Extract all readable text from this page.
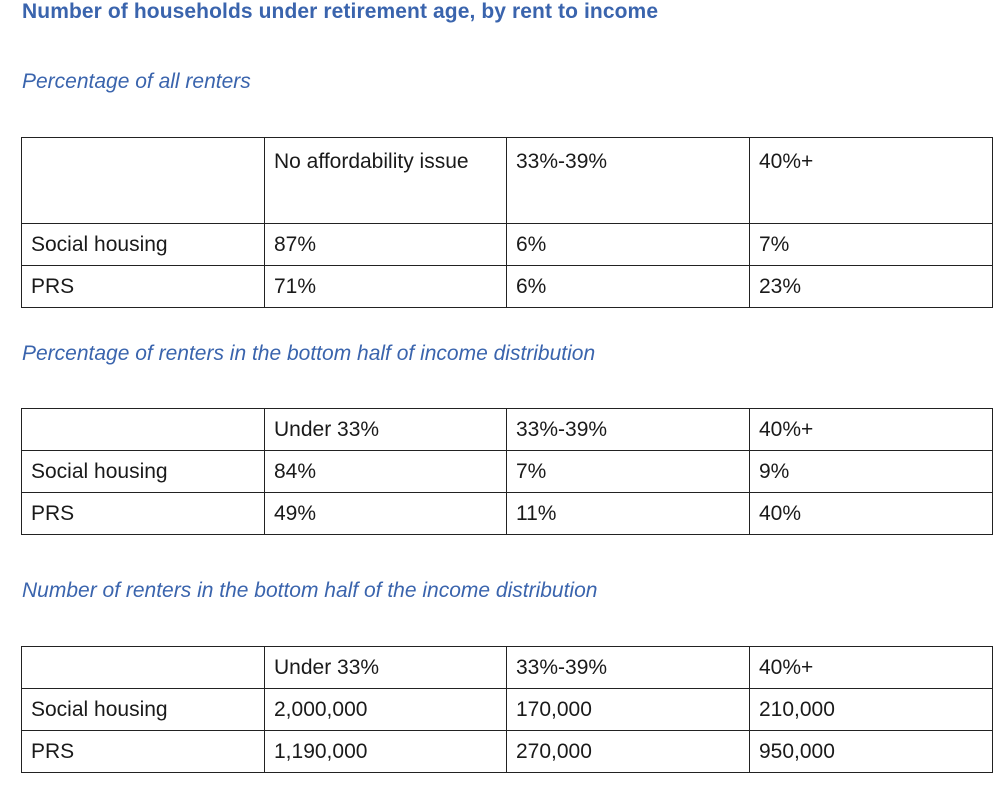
Number of households under retirement age, by rent to income
Percentage of all renters
	No affordability issue	33%-39%	40%+
Social housing	87%	6%	7%
PRS	71%	6%	23%
Percentage of renters in the bottom half of income distribution
	Under 33%	33%-39%	40%+
Social housing	84%	7%	9%
PRS	49%	11%	40%
Number of renters in the bottom half of the income distribution
	Under 33%	33%-39%	40%+
Social housing	2,000,000	170,000	210,000
PRS	1,190,000	270,000	950,000
